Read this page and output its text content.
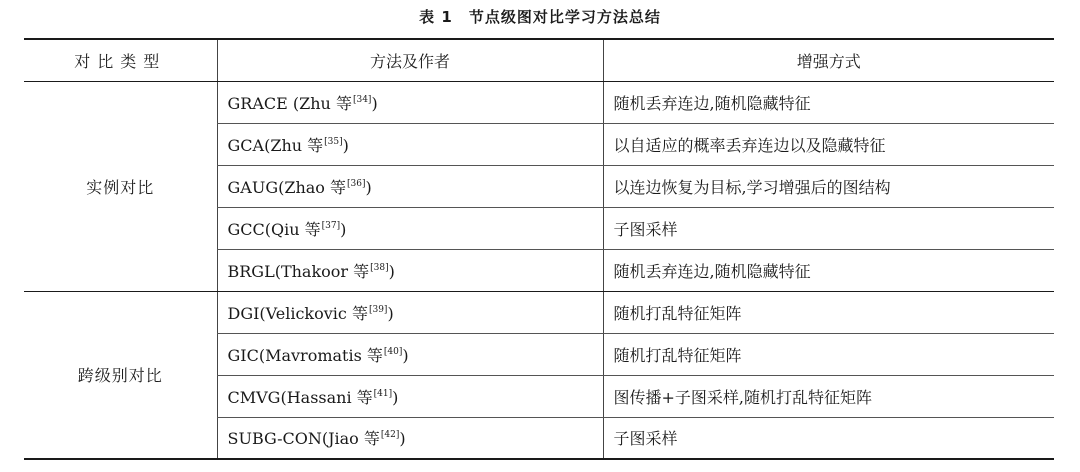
表 1 节点级图对比学习方法总结
对比类型	方法及作者	增强方式
实例对比	GRACE (Zhu 等[34])	随机丢弃连边,随机隐藏特征
	GCA(Zhu 等[35])	以自适应的概率丢弃连边以及隐藏特征
	GAUG(Zhao 等[36])	以连边恢复为目标,学习增强后的图结构
	GCC(Qiu 等[37])	子图采样
	BRGL(Thakoor 等[38])	随机丢弃连边,随机隐藏特征
跨级别对比	DGI(Velickovic 等[39])	随机打乱特征矩阵
	GIC(Mavromatis 等[40])	随机打乱特征矩阵
	CMVG(Hassani 等[41])	图传播+子图采样,随机打乱特征矩阵
	SUBG-CON(Jiao 等[42])	子图采样
